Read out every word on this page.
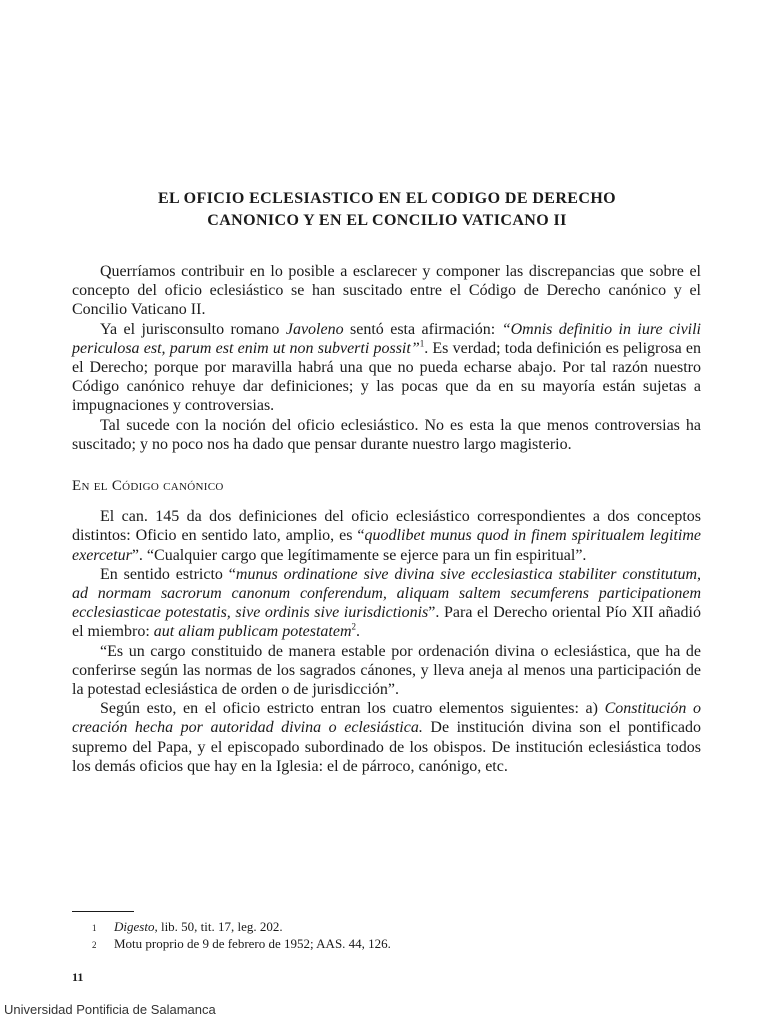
EL OFICIO ECLESIASTICO EN EL CODIGO DE DERECHO
CANONICO Y EN EL CONCILIO VATICANO II

Querríamos contribuir en lo posible a esclarecer y componer las discrepancias que sobre el concepto del oficio eclesiástico se han suscitado entre el Código de Derecho canónico y el Concilio Vaticano II.

Ya el jurisconsulto romano Javoleno sentó esta afirmación: “Omnis definitio in iure civili periculosa est, parum est enim ut non subverti possit”$^1$. Es verdad; toda definición es peligrosa en el Derecho; porque por maravilla habrá una que no pueda echarse abajo. Por tal razón nuestro Código canónico rehuye dar definiciones; y las pocas que da en su mayoría están sujetas a impugnaciones y controversias.

Tal sucede con la noción del oficio eclesiástico. No es esta la que menos controversias ha suscitado; y no poco nos ha dado que pensar durante nuestro largo magisterio.

En el Código canónico

El can. 145 da dos definiciones del oficio eclesiástico correspondientes a dos conceptos distintos: Oficio en sentido lato, amplio, es “quodlibet munus quod in finem spiritualem legitime exercetur”. “Cualquier cargo que legítimamente se ejerce para un fin espiritual”.

En sentido estricto “munus ordinatione sive divina sive ecclesiastica stabiliter constitutum, ad normam sacrorum canonum conferendum, aliquam saltem secumferens participationem ecclesiasticae potestatis, sive ordinis sive iurisdictionis”. Para el Derecho oriental Pío XII añadió el miembro: aut aliam publicam potestatem$^2$.

“Es un cargo constituido de manera estable por ordenación divina o eclesiástica, que ha de conferirse según las normas de los sagrados cánones, y lleva aneja al menos una participación de la potestad eclesiástica de orden o de jurisdicción”.

Según esto, en el oficio estricto entran los cuatro elementos siguientes: a) Constitución o creación hecha por autoridad divina o eclesiástica. De institución divina son el pontificado supremo del Papa, y el episcopado subordinado de los obispos. De institución eclesiástica todos los demás oficios que hay en la Iglesia: el de párroco, canónigo, etc.

1	Digesto, lib. 50, tit. 17, leg. 202.
2	Motu proprio de 9 de febrero de 1952; AAS. 44, 126.
11
Universidad Pontificia de Salamanca
